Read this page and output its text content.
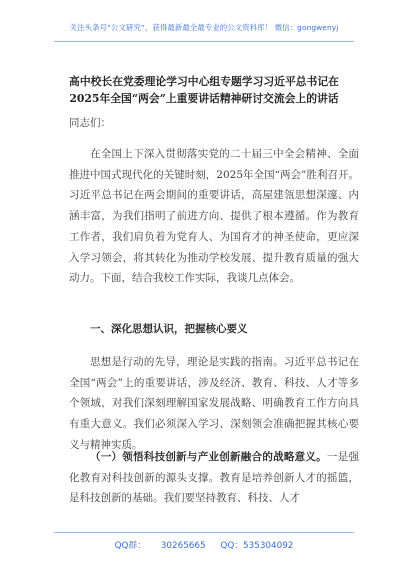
关注头条号“公文研究”，获得最新最全最专业的公文资料库！ 微信：gongwenyj
高中校长在党委理论学习中心组专题学习习近平总书记在
2025年全国“两会”上重要讲话精神研讨交流会上的讲话
同志们：
在全国上下深入贯彻落实党的二十届三中全会精神、全面推进中国式现代化的关键时刻，2025年全国“两会”胜利召开。习近平总书记在两会期间的重要讲话，高屋建瓴思想深邃、内涵丰富，为我们指明了前进方向、提供了根本遵循。作为教育工作者，我们肩负着为党育人、为国育才的神圣使命，更应深入学习领会，将其转化为推动学校发展、提升教育质量的强大动力。下面，结合我校工作实际，我谈几点体会。
一、深化思想认识，把握核心要义
思想是行动的先导，理论是实践的指南。习近平总书记在全国“两会”上的重要讲话，涉及经济、教育、科技、人才等多个领域，对我们深刻理解国家发展战略、明确教育工作方向具有重大意义。我们必须深入学习、深刻领会准确把握其核心要义与精神实质。
（一）领悟科技创新与产业创新融合的战略意义。一是强化教育对科技创新的源头支撑。教育是培养创新人才的摇篮，是科技创新的基础。我们要坚持教育、科技、人才
QQ群： 30265665 QQ：535304092
